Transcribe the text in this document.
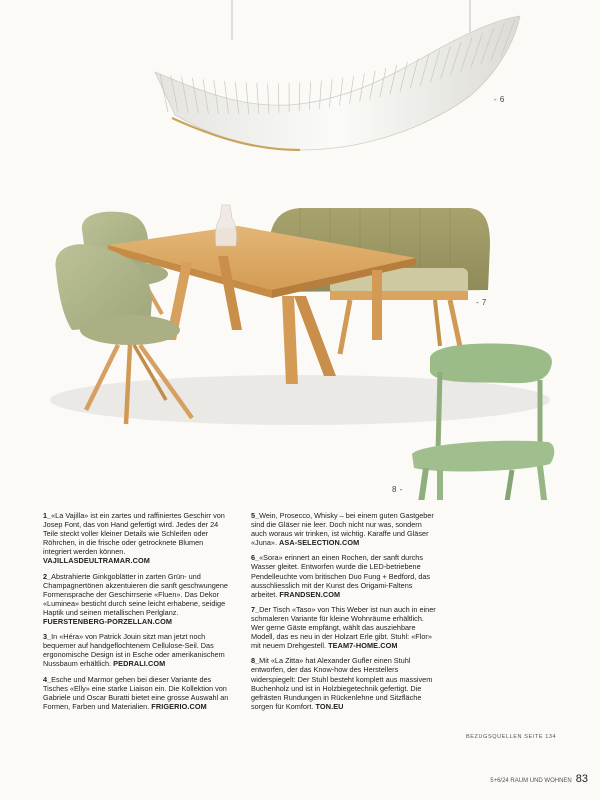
- 6
- 7
8 -
1_«La Vajilla» ist ein zartes und raffiniertes Geschirr von Josep Font, das von Hand gefertigt wird. Jedes der 24 Teile steckt voller kleiner Details wie Schleifen oder Röhrchen, in die frische oder getrocknete Blumen integriert werden können. VAJILLASDEULTRAMAR.COM
2_Abstrahierte Ginkgoblätter in zarten Grün- und Champagnertönen akzentuieren die sanft geschwungene Formensprache der Geschirrserie «Fluen». Das Dekor «Luminea» besticht durch seine leicht erhabene, seidige Haptik und seinen metallischen Perlglanz. FUERSTENBERG-PORZELLAN.COM
3_In «Héra» von Patrick Jouin sitzt man jetzt noch bequemer auf handgeflochtenem Cellulose-Seil. Das ergonomische Design ist in Esche oder amerikanischem Nussbaum erhältlich. PEDRALI.COM
4_Esche und Marmor gehen bei dieser Variante des Tisches «Elly» eine starke Liaison ein. Die Kollektion von Gabriele und Oscar Buratti bietet eine grosse Auswahl an Formen, Farben und Materialien. FRIGERIO.COM
5_Wein, Prosecco, Whisky – bei einem guten Gastgeber sind die Gläser nie leer. Doch nicht nur was, sondern auch woraus wir trinken, ist wichtig. Karaffe und Gläser «Juna». ASA-SELECTION.COM
6_«Sora» erinnert an einen Rochen, der sanft durchs Wasser gleitet. Entworfen wurde die LED-betriebene Pendelleuchte vom britischen Duo Fung + Bedford, das ausschliesslich mit der Kunst des Origami-Faltens arbeitet. FRANDSEN.COM
7_Der Tisch «Taso» von This Weber ist nun auch in einer schmaleren Variante für kleine Wohnräume erhältlich. Wer gerne Gäste empfängt, wählt das ausziehbare Modell, das es neu in der Holzart Erle gibt. Stuhl: «Flor» mit neuem Drehgestell. TEAM7-HOME.COM
8_Mit «La Zitta» hat Alexander Gufler einen Stuhl entworfen, der das Know-how des Herstellers widerspiegelt: Der Stuhl besteht komplett aus massivem Buchenholz und ist in Holzbiegetechnik gefertigt. Die gefrästen Rundungen in Rückenlehne und Sitzfläche sorgen für Komfort. TON.EU
BEZUGSQUELLEN SEITE 134
5+6/24 RAUM UND WOHNEN 83
